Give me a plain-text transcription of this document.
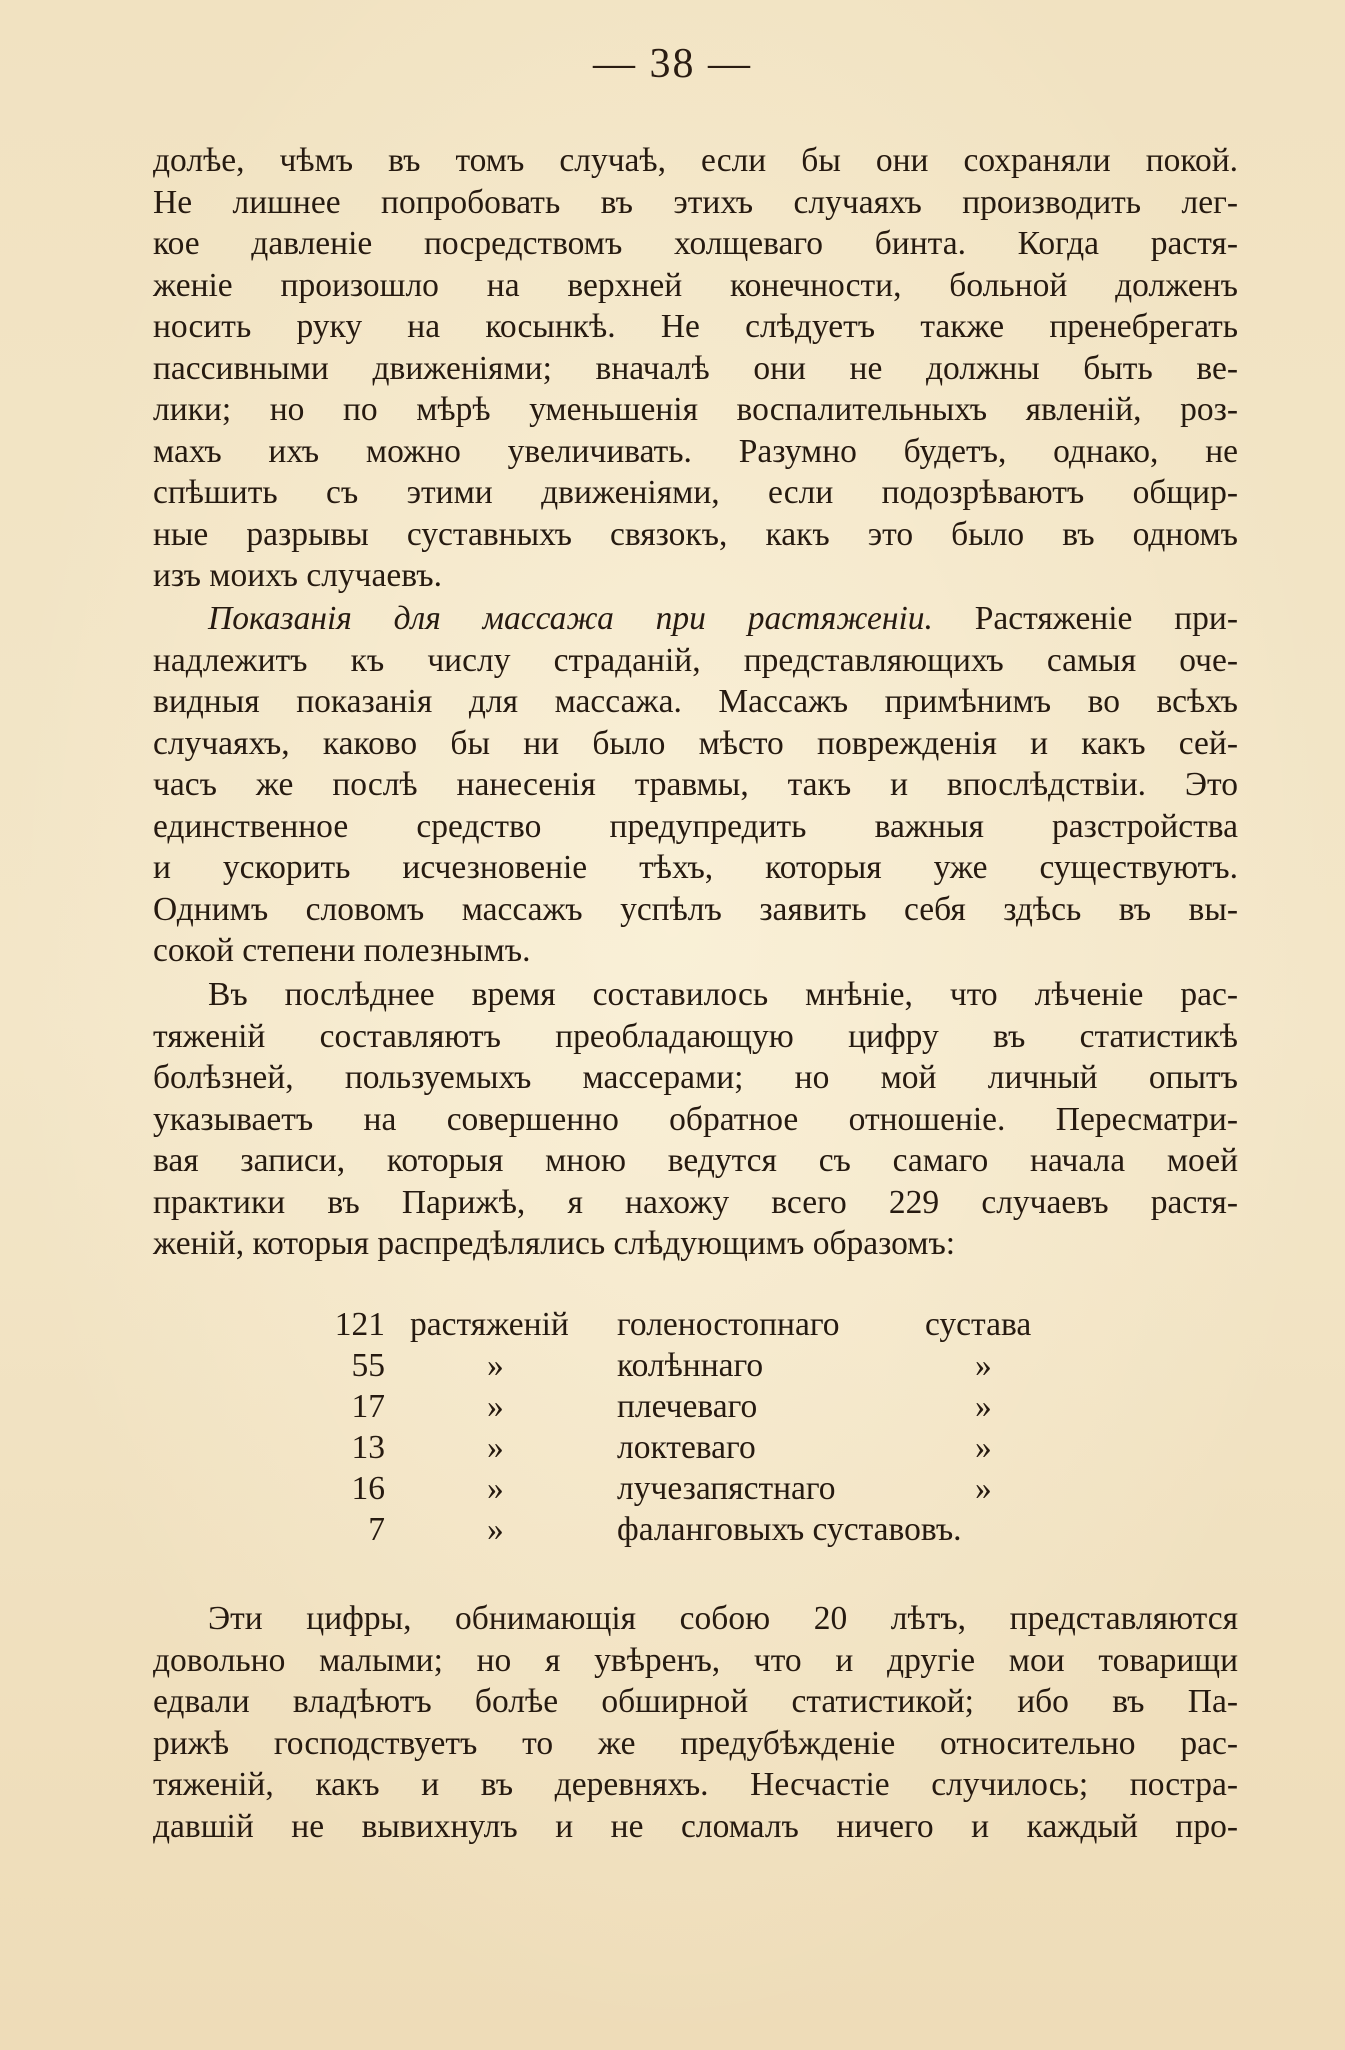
— 38 —
долѣе, чѣмъ въ томъ случаѣ, если бы они сохраняли покой.
Не лишнее попробовать въ этихъ случаяхъ производить лег-
кое давленіе посредствомъ холщеваго бинта. Когда растя-
женіе произошло на верхней конечности, больной долженъ
носить руку на косынкѣ. Не слѣдуетъ также пренебрегать
пассивными движеніями; вначалѣ они не должны быть ве-
лики; но по мѣрѣ уменьшенія воспалительныхъ явленій, роз-
махъ ихъ можно увеличивать. Разумно будетъ, однако, не
спѣшить съ этими движеніями, если подозрѣваютъ общир-
ные разрывы суставныхъ связокъ, какъ это было въ одномъ
изъ моихъ случаевъ.
Показанія для массажа при растяженіи. Растяженіе при-
надлежитъ къ числу страданій, представляющихъ самыя оче-
видныя показанія для массажа. Массажъ примѣнимъ во всѣхъ
случаяхъ, каково бы ни было мѣсто поврежденія и какъ сей-
часъ же послѣ нанесенія травмы, такъ и впослѣдствіи. Это
единственное средство предупредить важныя разстройства
и ускорить исчезновеніе тѣхъ, которыя уже существуютъ.
Однимъ словомъ массажъ успѣлъ заявить себя здѣсь въ вы-
сокой степени полезнымъ.
Въ послѣднее время составилось мнѣніе, что лѣченіе рас-
тяженій составляютъ преобладающую цифру въ статистикѣ
болѣзней, пользуемыхъ массерами; но мой личный опытъ
указываетъ на совершенно обратное отношеніе. Пересматри-
вая записи, которыя мною ведутся съ самаго начала моей
практики въ Парижѣ, я нахожу всего 229 случаевъ растя-
женій, которыя распредѣлялись слѣдующимъ образомъ:
121 растяженій голеностопнаго	сустава
55	»	колѣннаго	»
17	»	плечеваго	»
13	»	локтеваго	»
16	»	лучезапястнаго	»
7	»	фаланговыхъ суставовъ.
Эти цифры, обнимающія собою 20 лѣтъ, представляются
довольно малыми; но я увѣренъ, что и другіе мои товарищи
едвали владѣютъ болѣе обширной статистикой; ибо въ Па-
рижѣ господствуетъ то же предубѣжденіе относительно рас-
тяженій, какъ и въ деревняхъ. Несчастіе случилось; постра-
давшій не вывихнулъ и не сломалъ ничего и каждый про-
